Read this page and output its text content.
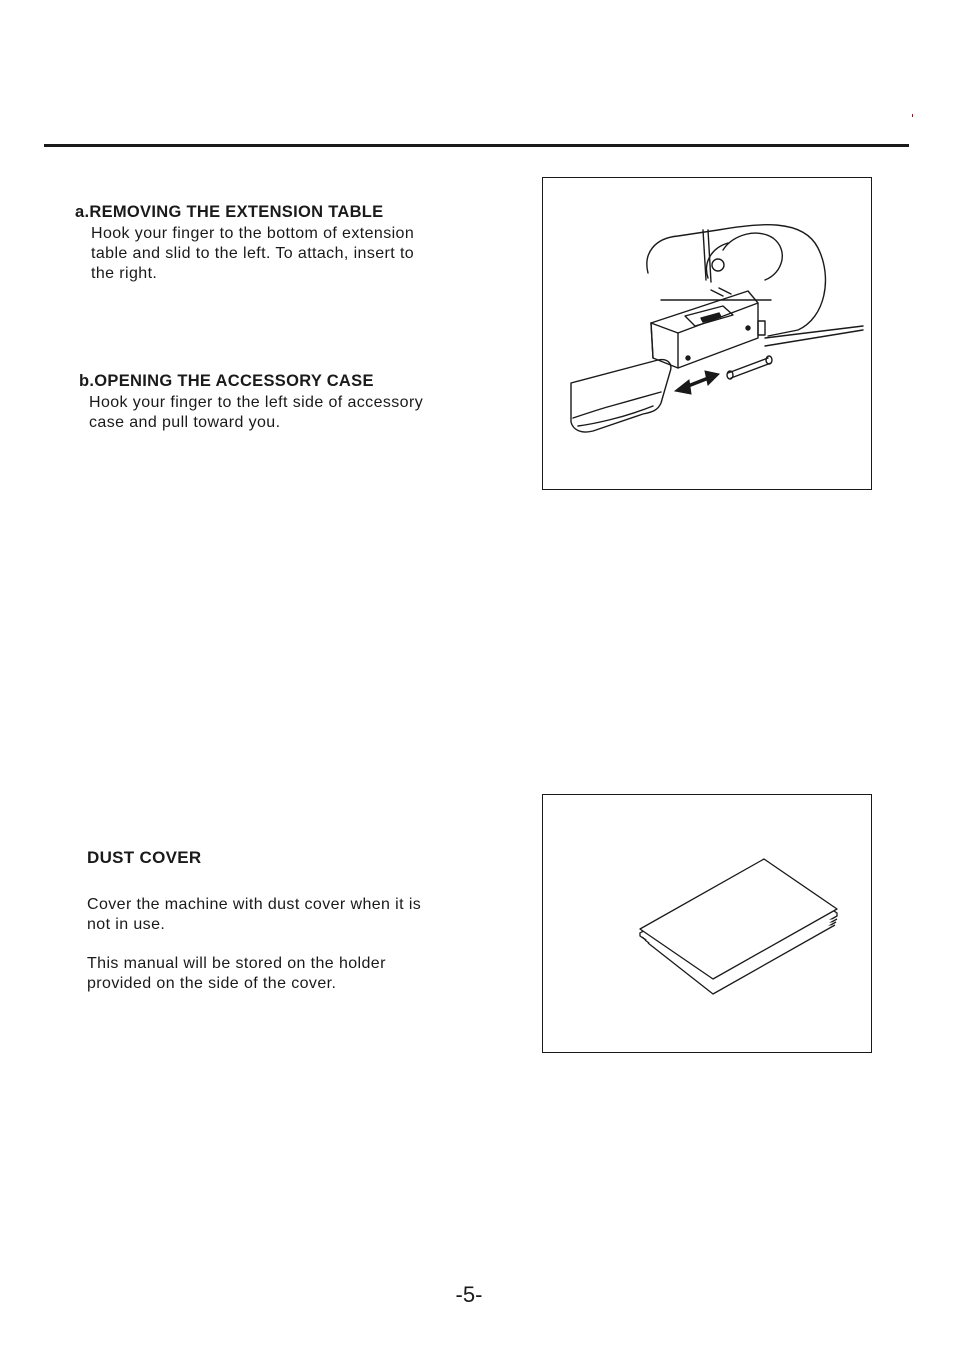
a.REMOVING THE EXTENSION TABLE
Hook your finger to the bottom of extension
table and slid to the left. To attach, insert to
the right.
b.OPENING THE ACCESSORY CASE
Hook your finger to the left side of accessory
case and pull toward you.
DUST COVER
Cover the machine with dust cover when it is
not in use.
This manual will be stored on the holder
provided on the side of the cover.
-5-
